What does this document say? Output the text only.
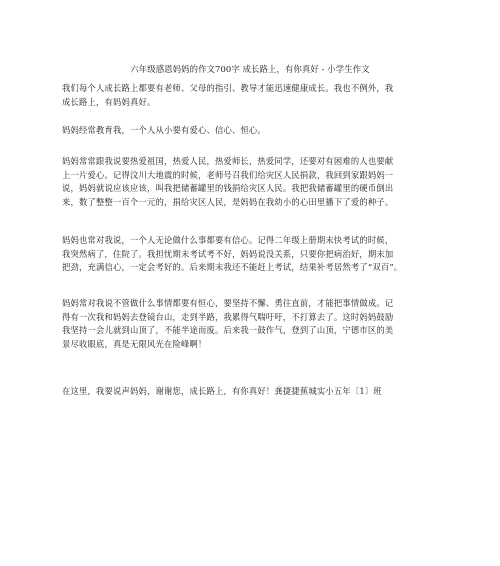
六年级感恩妈妈的作文700字 成长路上，有你真好 - 小学生作文

我们每个人成长路上都要有老师、父母的指引、教导才能迅速健康成长。我也不例外，我
成长路上，有妈妈真好。

妈妈经常教育我，一个人从小要有爱心、信心、恒心。

妈妈常常跟我说要热爱祖国，热爱人民，热爱师长，热爱同学，还要对有困难的人也要献
上一片爱心。记得汶川大地震的时候，老师号召我们给灾区人民捐款，我回到家跟妈妈一
说，妈妈就说应该应该，叫我把储蓄罐里的钱捐给灾区人民。我把我储蓄罐里的硬币倒出
来，数了整整一百个一元的，捐给灾区人民，是妈妈在我幼小的心田里播下了爱的种子。

妈妈也常对我说，一个人无论做什么事都要有信心。记得二年级上册期末快考试的时候，
我突然病了，住院了。我担忧期末考试考不好，妈妈说没关系，只要你把病治好，期末加
把劲，充满信心，一定会考好的。后来期末我还不能赶上考试，结果补考居然考了“双百”。

妈妈常对我说不管做什么事情都要有恒心，要坚持不懈、勇往直前，才能把事情做成。记
得有一次我和妈妈去登镜台山，走到半路，我累得气喘吁吁，不打算去了。这时妈妈鼓励
我坚持一会儿就到山顶了，不能半途而废。后来我一鼓作气，登到了山顶，宁德市区的美
景尽收眼底，真是无限风光在险峰啊！

在这里，我要说声妈妈，谢谢您，成长路上，有你真好！龚捷捷蕉城实小五年〔1〕班
